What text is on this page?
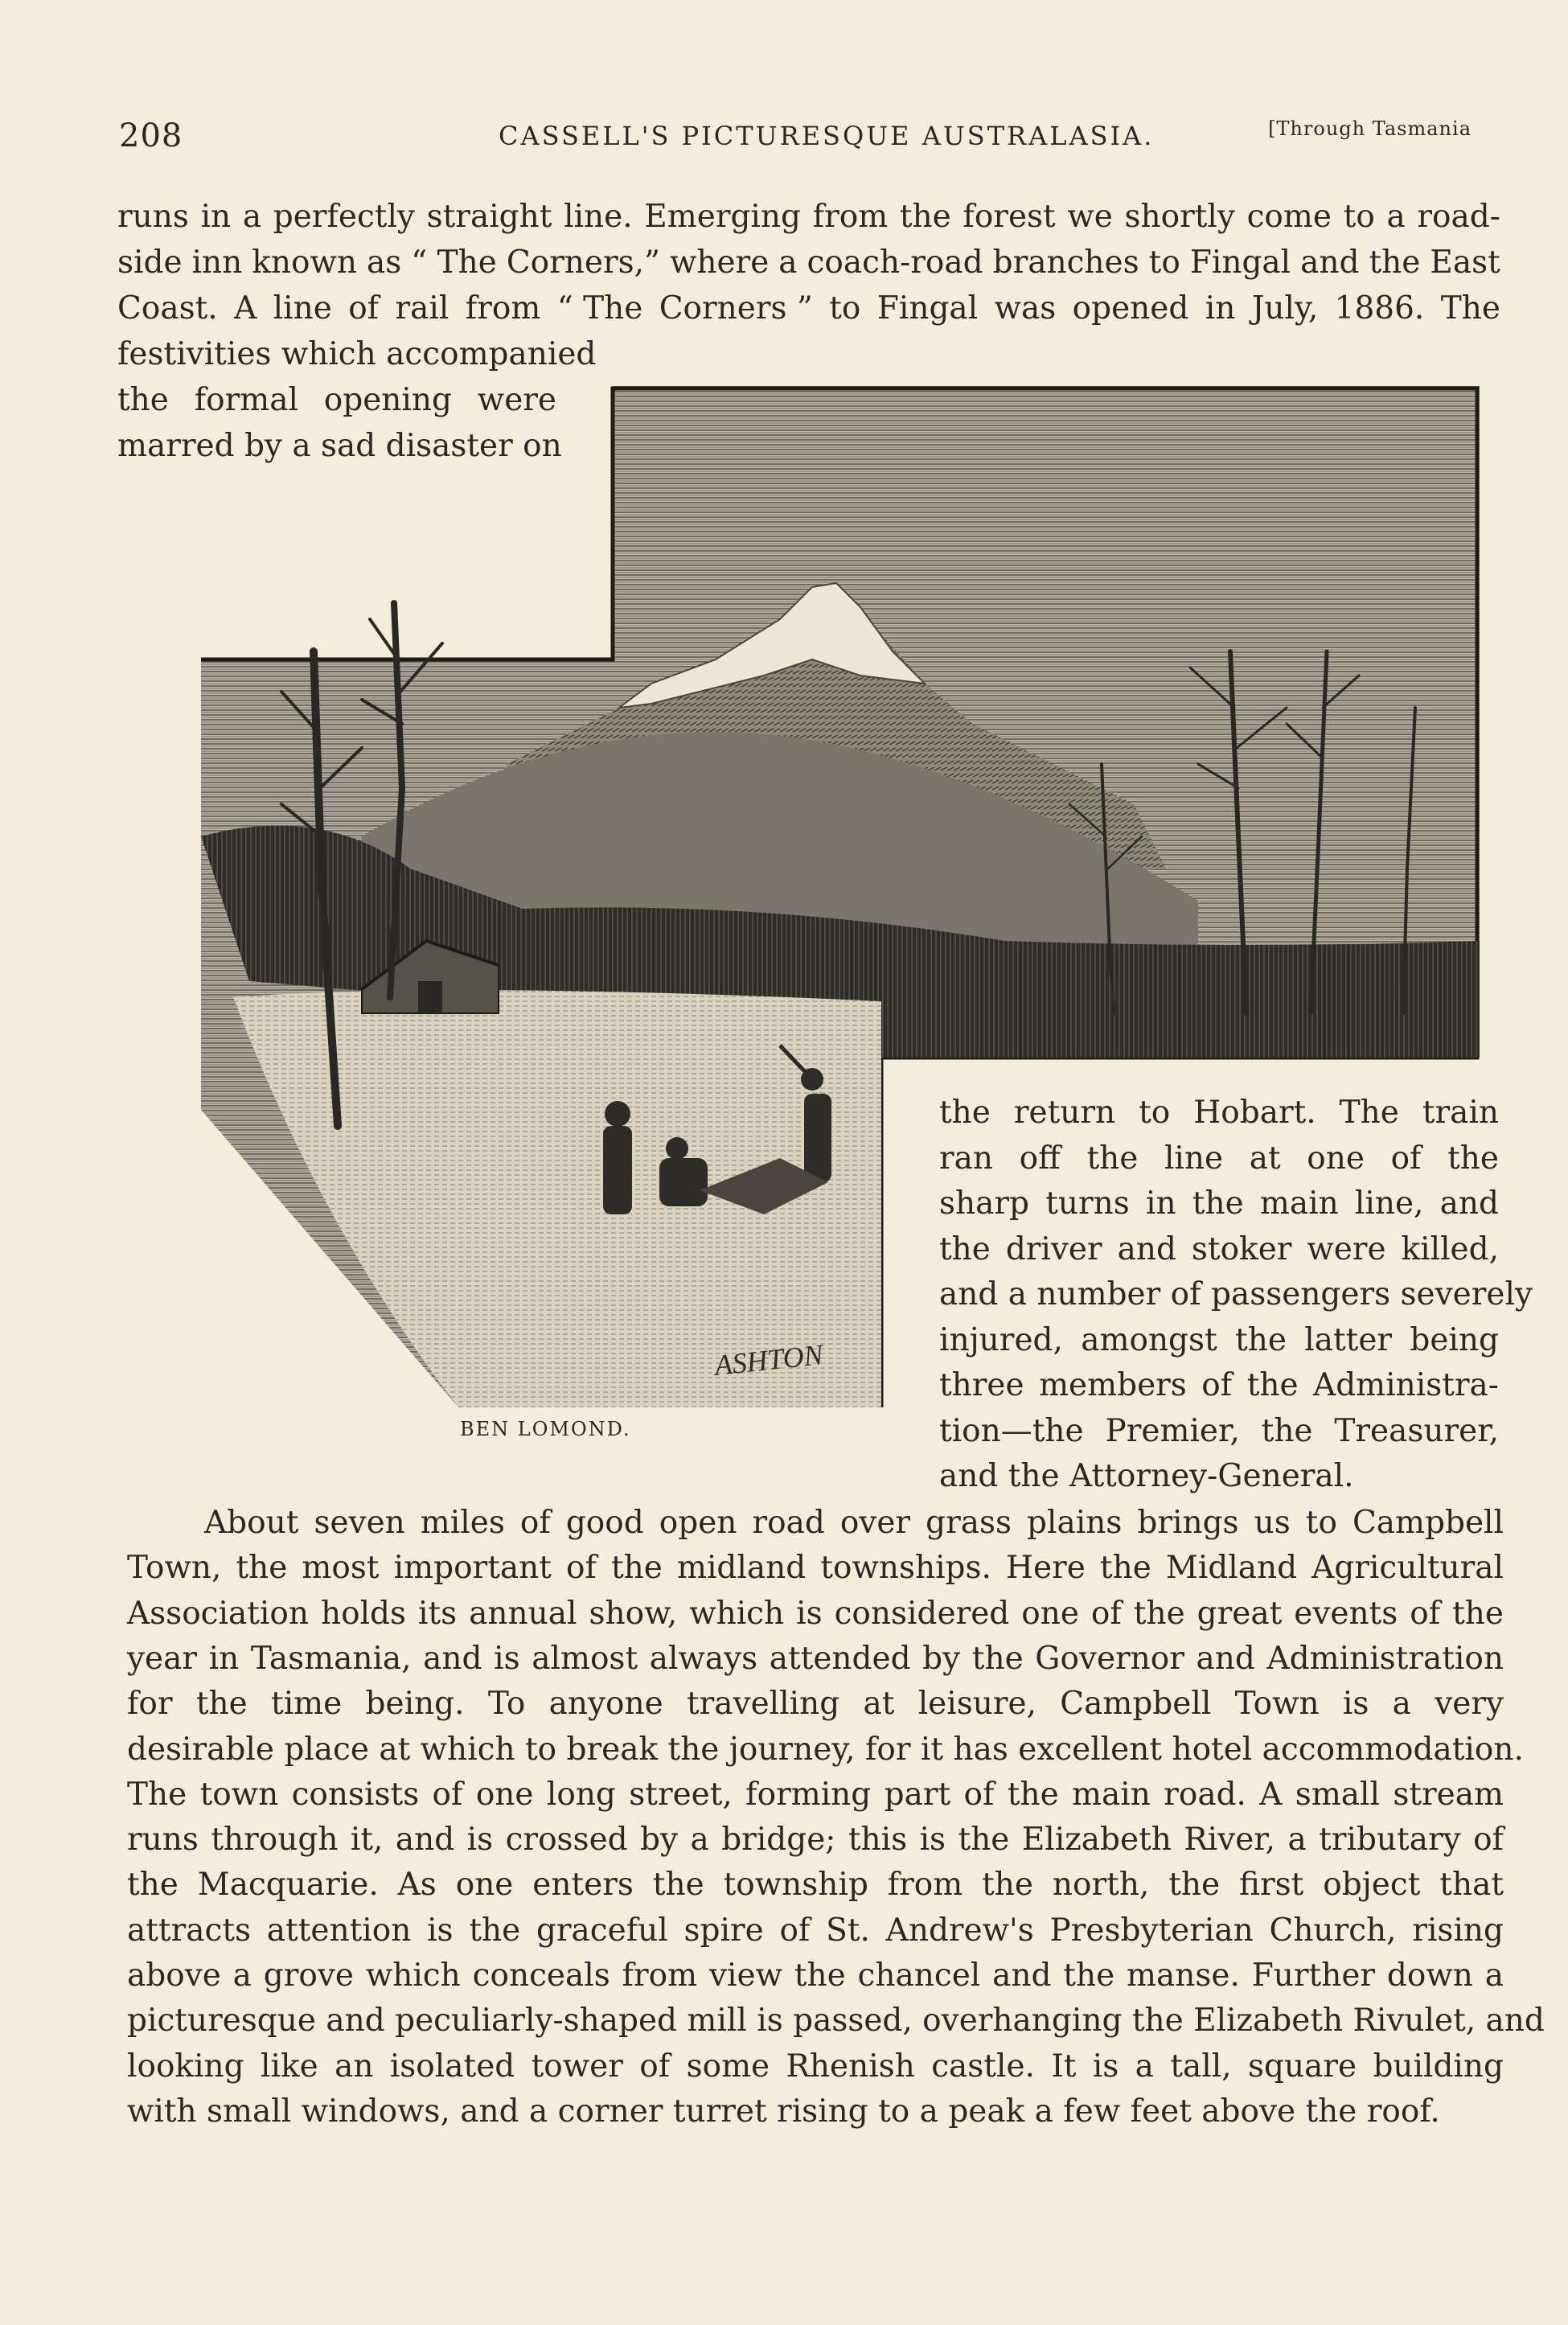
208	CASSELL'S PICTURESQUE AUSTRALASIA.	[Through Tasmania
runs in a perfectly straight line. Emerging from the forest we shortly come to a road-
side inn known as “ The Corners,” where a coach-road branches to Fingal and the East
Coast. A line of rail from “ The Corners ” to Fingal was opened in July, 1886. The
festivities which accompanied
the formal opening were
marred by a sad disaster on
the return to Hobart. The train
ran off the line at one of the
sharp turns in the main line, and
the driver and stoker were killed,
and a number of passengers severely
injured, amongst the latter being
three members of the Administra-
tion—the Premier, the Treasurer,
and the Attorney-General.
ASHTON
BEN LOMOND.
About seven miles of good open road over grass plains brings us to Campbell
Town, the most important of the midland townships. Here the Midland Agricultural
Association holds its annual show, which is considered one of the great events of the
year in Tasmania, and is almost always attended by the Governor and Administration
for the time being. To anyone travelling at leisure, Campbell Town is a very
desirable place at which to break the journey, for it has excellent hotel accommodation.
The town consists of one long street, forming part of the main road. A small stream
runs through it, and is crossed by a bridge; this is the Elizabeth River, a tributary of
the Macquarie. As one enters the township from the north, the first object that
attracts attention is the graceful spire of St. Andrew's Presbyterian Church, rising
above a grove which conceals from view the chancel and the manse. Further down a
picturesque and peculiarly-shaped mill is passed, overhanging the Elizabeth Rivulet, and
looking like an isolated tower of some Rhenish castle. It is a tall, square building
with small windows, and a corner turret rising to a peak a few feet above the roof.
